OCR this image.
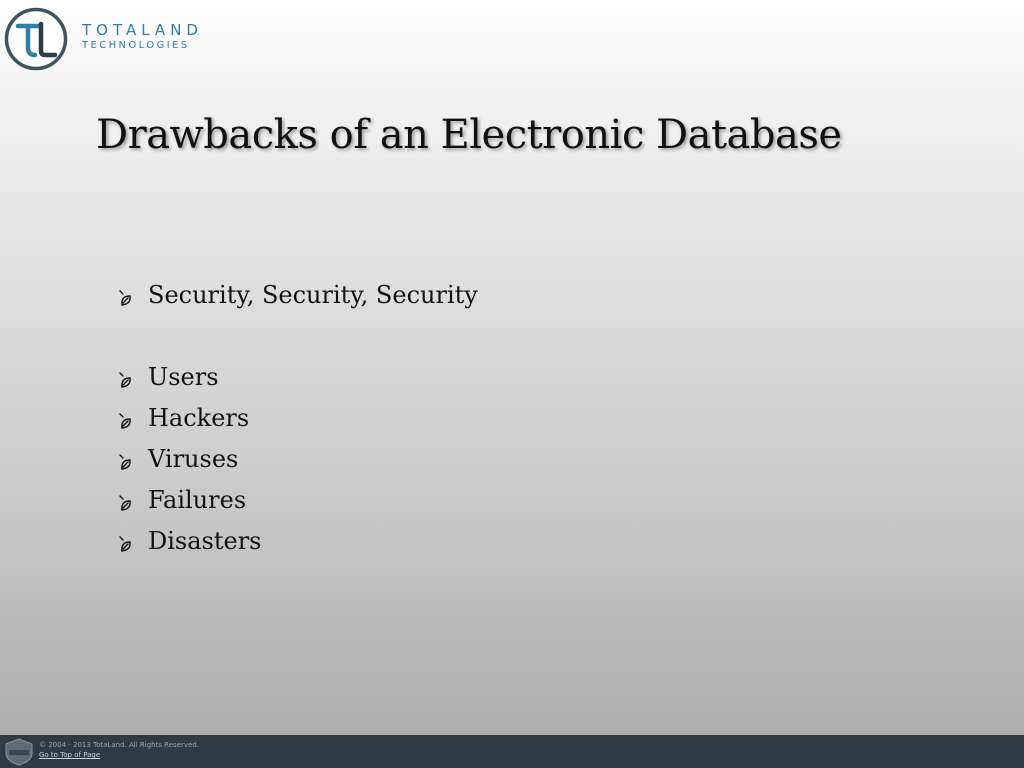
TOTALAND
TECHNOLOGIES
Drawbacks of an Electronic Database
Security, Security, Security
Users
Hackers
Viruses
Failures
Disasters
© 2004 - 2013 TotaLand. All Rights Reserved.
Go to Top of Page
